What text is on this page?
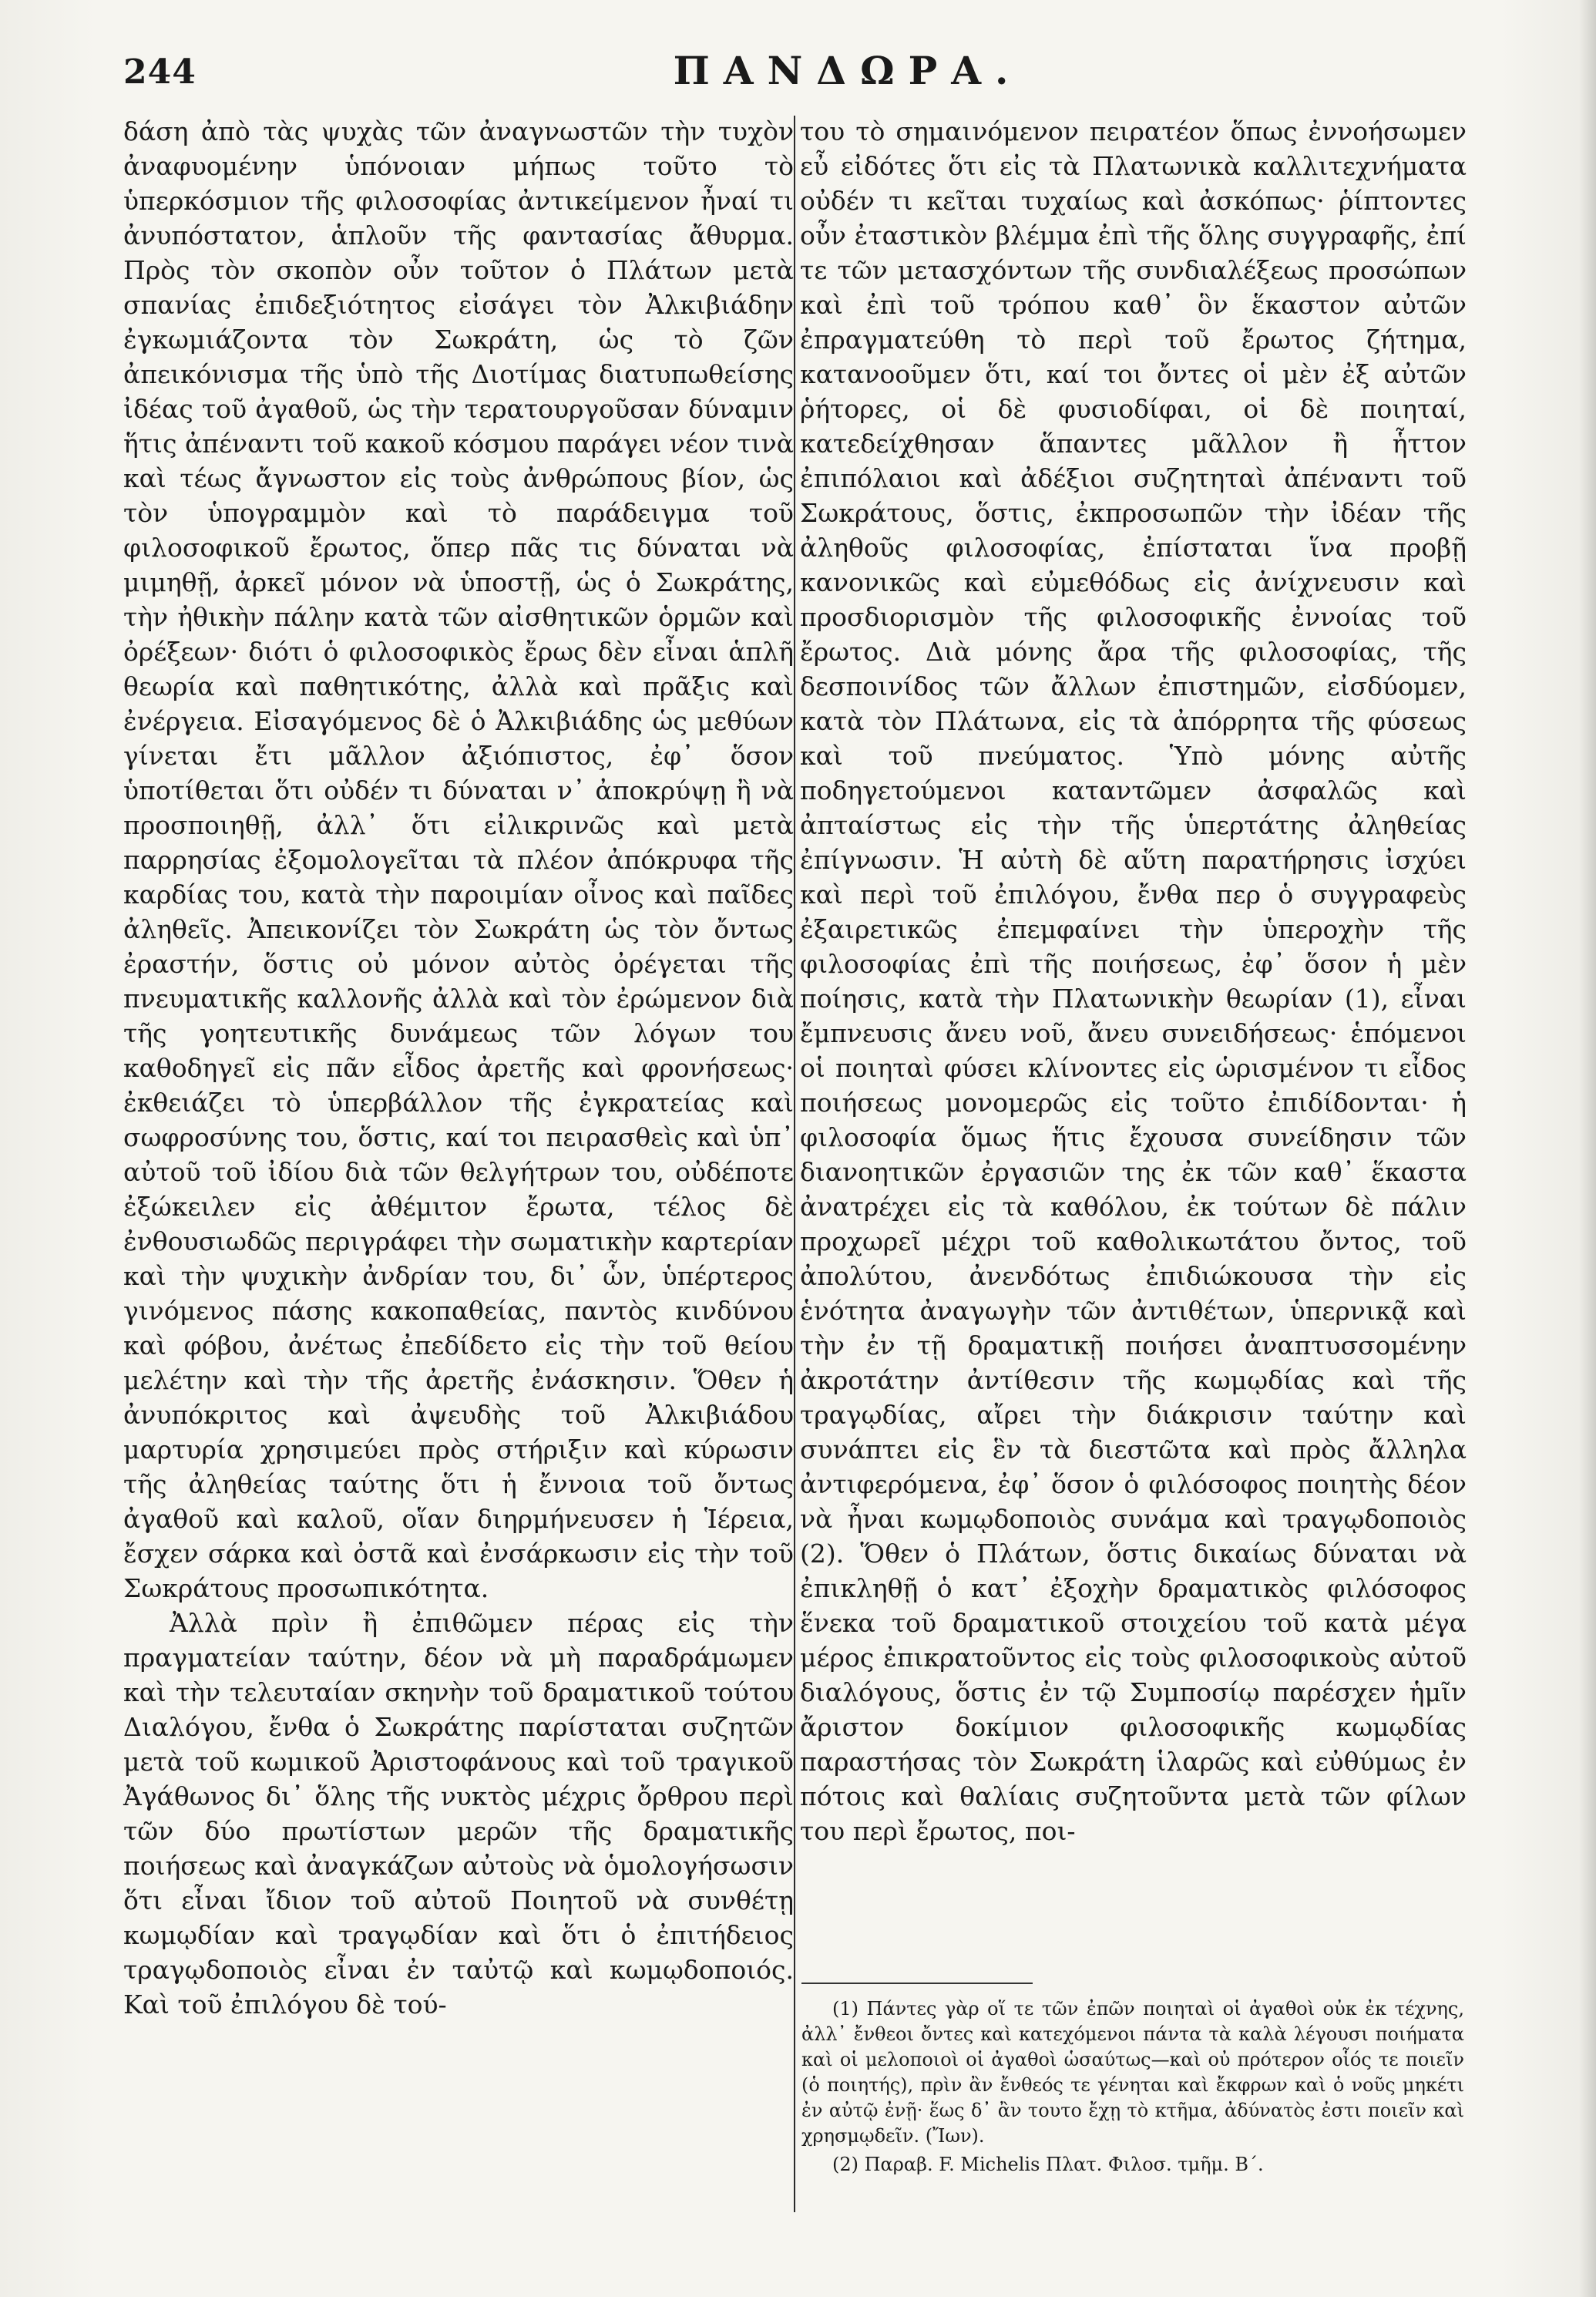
244	ΠΑΝΔΩΡΑ.

δάση ἀπὸ τὰς ψυχὰς τῶν ἀναγνωστῶν τὴν τυχὸν ἀναφυομένην ὑπόνοιαν μήπως τοῦτο τὸ ὑπερκόσμιον τῆς φιλοσοφίας ἀντικείμενον ἦναί τι ἀνυπόστατον, ἁπλοῦν τῆς φαντασίας ἄθυρμα. Πρὸς τὸν σκοπὸν οὖν τοῦτον ὁ Πλάτων μετὰ σπανίας ἐπιδεξιότητος εἰσάγει τὸν Ἀλκιβιάδην ἐγκωμιάζοντα τὸν Σωκράτη, ὡς τὸ ζῶν ἀπεικόνισμα τῆς ὑπὸ τῆς Διοτίμας διατυπωθείσης ἰδέας τοῦ ἀγαθοῦ, ὡς τὴν τερατουργοῦσαν δύναμιν ἥτις ἀπέναντι τοῦ κακοῦ κόσμου παράγει νέον τινὰ καὶ τέως ἄγνωστον εἰς τοὺς ἀνθρώπους βίον, ὡς τὸν ὑπογραμμὸν καὶ τὸ παράδειγμα τοῦ φιλοσοφικοῦ ἔρωτος, ὅπερ πᾶς τις δύναται νὰ μιμηθῇ, ἀρκεῖ μόνον νὰ ὑποστῇ, ὡς ὁ Σωκράτης, τὴν ἠθικὴν πάλην κατὰ τῶν αἰσθητικῶν ὁρμῶν καὶ ὀρέξεων· διότι ὁ φιλοσοφικὸς ἔρως δὲν εἶναι ἁπλῆ θεωρία καὶ παθητικότης, ἀλλὰ καὶ πρᾶξις καὶ ἐνέργεια. Εἰσαγόμενος δὲ ὁ Ἀλκιβιάδης ὡς μεθύων γίνεται ἔτι μᾶλλον ἀξιόπιστος, ἐφ᾽ ὅσον ὑποτίθεται ὅτι οὐδέν τι δύναται ν᾽ ἀποκρύψῃ ἢ νὰ προσποιηθῇ, ἀλλ᾽ ὅτι εἰλικρινῶς καὶ μετὰ παρρησίας ἐξομολογεῖται τὰ πλέον ἀπόκρυφα τῆς καρδίας του, κατὰ τὴν παροιμίαν οἶνος καὶ παῖδες ἀληθεῖς. Ἀπεικονίζει τὸν Σωκράτη ὡς τὸν ὄντως ἐραστήν, ὅστις οὐ μόνον αὐτὸς ὀρέγεται τῆς πνευματικῆς καλλονῆς ἀλλὰ καὶ τὸν ἐρώμενον διὰ τῆς γοητευτικῆς δυνάμεως τῶν λόγων του καθοδηγεῖ εἰς πᾶν εἶδος ἀρετῆς καὶ φρονήσεως· ἐκθειάζει τὸ ὑπερβάλλον τῆς ἐγκρατείας καὶ σωφροσύνης του, ὅστις, καί τοι πειρασθεὶς καὶ ὑπ᾽ αὐτοῦ τοῦ ἰδίου διὰ τῶν θελγήτρων του, οὐδέποτε ἐξώκειλεν εἰς ἀθέμιτον ἔρωτα, τέλος δὲ ἐνθουσιωδῶς περιγράφει τὴν σωματικὴν καρτερίαν καὶ τὴν ψυχικὴν ἀνδρίαν του, δι᾽ ὧν, ὑπέρτερος γινόμενος πάσης κακοπαθείας, παντὸς κινδύνου καὶ φόβου, ἀνέτως ἐπεδίδετο εἰς τὴν τοῦ θείου μελέτην καὶ τὴν τῆς ἀρετῆς ἐνάσκησιν. Ὅθεν ἡ ἀνυπόκριτος καὶ ἀψευδὴς τοῦ Ἀλκιβιάδου μαρτυρία χρησιμεύει πρὸς στήριξιν καὶ κύρωσιν τῆς ἀληθείας ταύτης ὅτι ἡ ἔννοια τοῦ ὄντως ἀγαθοῦ καὶ καλοῦ, οἵαν διηρμήνευσεν ἡ Ἱέρεια, ἔσχεν σάρκα καὶ ὀστᾶ καὶ ἐνσάρκωσιν εἰς τὴν τοῦ Σωκράτους προσωπικότητα.

Ἀλλὰ πρὶν ἢ ἐπιθῶμεν πέρας εἰς τὴν πραγματείαν ταύτην, δέον νὰ μὴ παραδράμωμεν καὶ τὴν τελευταίαν σκηνὴν τοῦ δραματικοῦ τούτου Διαλόγου, ἔνθα ὁ Σωκράτης παρίσταται συζητῶν μετὰ τοῦ κωμικοῦ Ἀριστοφάνους καὶ τοῦ τραγικοῦ Ἀγάθωνος δι᾽ ὅλης τῆς νυκτὸς μέχρις ὄρθρου περὶ τῶν δύο πρωτίστων μερῶν τῆς δραματικῆς ποιήσεως καὶ ἀναγκάζων αὐτοὺς νὰ ὁμολογήσωσιν ὅτι εἶναι ἴδιον τοῦ αὐτοῦ Ποιητοῦ νὰ συνθέτῃ κωμῳδίαν καὶ τραγῳδίαν καὶ ὅτι ὁ ἐπιτήδειος τραγῳδοποιὸς εἶναι ἐν ταὐτῷ καὶ κωμῳδοποιός. Καὶ τοῦ ἐπιλόγου δὲ τού-

του τὸ σημαινόμενον πειρατέον ὅπως ἐννοήσωμεν εὖ εἰδότες ὅτι εἰς τὰ Πλατωνικὰ καλλιτεχνήματα οὐδέν τι κεῖται τυχαίως καὶ ἀσκόπως· ῥίπτοντες οὖν ἐταστικὸν βλέμμα ἐπὶ τῆς ὅλης συγγραφῆς, ἐπί τε τῶν μετασχόντων τῆς συνδιαλέξεως προσώπων καὶ ἐπὶ τοῦ τρόπου καθ᾽ ὃν ἕκαστον αὐτῶν ἐπραγματεύθη τὸ περὶ τοῦ ἔρωτος ζήτημα, κατανοοῦμεν ὅτι, καί τοι ὄντες οἱ μὲν ἐξ αὐτῶν ῥήτορες, οἱ δὲ φυσιοδίφαι, οἱ δὲ ποιηταί, κατεδείχθησαν ἅπαντες μᾶλλον ἢ ἧττον ἐπιπόλαιοι καὶ ἀδέξιοι συζητηταὶ ἀπέναντι τοῦ Σωκράτους, ὅστις, ἐκπροσωπῶν τὴν ἰδέαν τῆς ἀληθοῦς φιλοσοφίας, ἐπίσταται ἵνα προβῇ κανονικῶς καὶ εὐμεθόδως εἰς ἀνίχνευσιν καὶ προσδιορισμὸν τῆς φιλοσοφικῆς ἐννοίας τοῦ ἔρωτος. Διὰ μόνης ἄρα τῆς φιλοσοφίας, τῆς δεσποινίδος τῶν ἄλλων ἐπιστημῶν, εἰσδύομεν, κατὰ τὸν Πλάτωνα, εἰς τὰ ἀπόρρητα τῆς φύσεως καὶ τοῦ πνεύματος. Ὑπὸ μόνης αὐτῆς ποδηγετούμενοι καταντῶμεν ἀσφαλῶς καὶ ἀπταίστως εἰς τὴν τῆς ὑπερτάτης ἀληθείας ἐπίγνωσιν. Ἡ αὐτὴ δὲ αὕτη παρατήρησις ἰσχύει καὶ περὶ τοῦ ἐπιλόγου, ἔνθα περ ὁ συγγραφεὺς ἐξαιρετικῶς ἐπεμφαίνει τὴν ὑπεροχὴν τῆς φιλοσοφίας ἐπὶ τῆς ποιήσεως, ἐφ᾽ ὅσον ἡ μὲν ποίησις, κατὰ τὴν Πλατωνικὴν θεωρίαν (1), εἶναι ἔμπνευσις ἄνευ νοῦ, ἄνευ συνειδήσεως· ἑπόμενοι οἱ ποιηταὶ φύσει κλίνοντες εἰς ὡρισμένον τι εἶδος ποιήσεως μονομερῶς εἰς τοῦτο ἐπιδίδονται· ἡ φιλοσοφία ὅμως ἥτις ἔχουσα συνείδησιν τῶν διανοητικῶν ἐργασιῶν της ἐκ τῶν καθ᾽ ἕκαστα ἀνατρέχει εἰς τὰ καθόλου, ἐκ τούτων δὲ πάλιν προχωρεῖ μέχρι τοῦ καθολικωτάτου ὄντος, τοῦ ἀπολύτου, ἀνενδότως ἐπιδιώκουσα τὴν εἰς ἑνότητα ἀναγωγὴν τῶν ἀντιθέτων, ὑπερνικᾷ καὶ τὴν ἐν τῇ δραματικῇ ποιήσει ἀναπτυσσομένην ἀκροτάτην ἀντίθεσιν τῆς κωμῳδίας καὶ τῆς τραγῳδίας, αἴρει τὴν διάκρισιν ταύτην καὶ συνάπτει εἰς ἓν τὰ διεστῶτα καὶ πρὸς ἄλληλα ἀντιφερόμενα, ἐφ᾽ ὅσον ὁ φιλόσοφος ποιητὴς δέον νὰ ἦναι κωμῳδοποιὸς συνάμα καὶ τραγῳδοποιὸς (2). Ὅθεν ὁ Πλάτων, ὅστις δικαίως δύναται νὰ ἐπικληθῇ ὁ κατ᾽ ἐξοχὴν δραματικὸς φιλόσοφος ἕνεκα τοῦ δραματικοῦ στοιχείου τοῦ κατὰ μέγα μέρος ἐπικρατοῦντος εἰς τοὺς φιλοσοφικοὺς αὐτοῦ διαλόγους, ὅστις ἐν τῷ Συμποσίῳ παρέσχεν ἡμῖν ἄριστον δοκίμιον φιλοσοφικῆς κωμῳδίας παραστήσας τὸν Σωκράτη ἱλαρῶς καὶ εὐθύμως ἐν πότοις καὶ θαλίαις συζητοῦντα μετὰ τῶν φίλων του περὶ ἔρωτος, ποι-

(1) Πάντες γὰρ οἵ τε τῶν ἐπῶν ποιηταὶ οἱ ἀγαθοὶ οὐκ ἐκ τέχνης, ἀλλ᾽ ἔνθεοι ὄντες καὶ κατεχόμενοι πάντα τὰ καλὰ λέγουσι ποιήματα καὶ οἱ μελοποιοὶ οἱ ἀγαθοὶ ὡσαύτως—καὶ οὐ πρότερον οἷός τε ποιεῖν (ὁ ποιητής), πρὶν ἂν ἔνθεός τε γένηται καὶ ἔκφρων καὶ ὁ νοῦς μηκέτι ἐν αὐτῷ ἐνῇ· ἕως δ᾽ ἂν τουτο ἔχῃ τὸ κτῆμα, ἀδύνατὸς ἐστι ποιεῖν καὶ χρησμῳδεῖν. (Ἴων).

(2) Παραβ. F. Michelis Πλατ. Φιλοσ. τμῆμ. Β΄.
